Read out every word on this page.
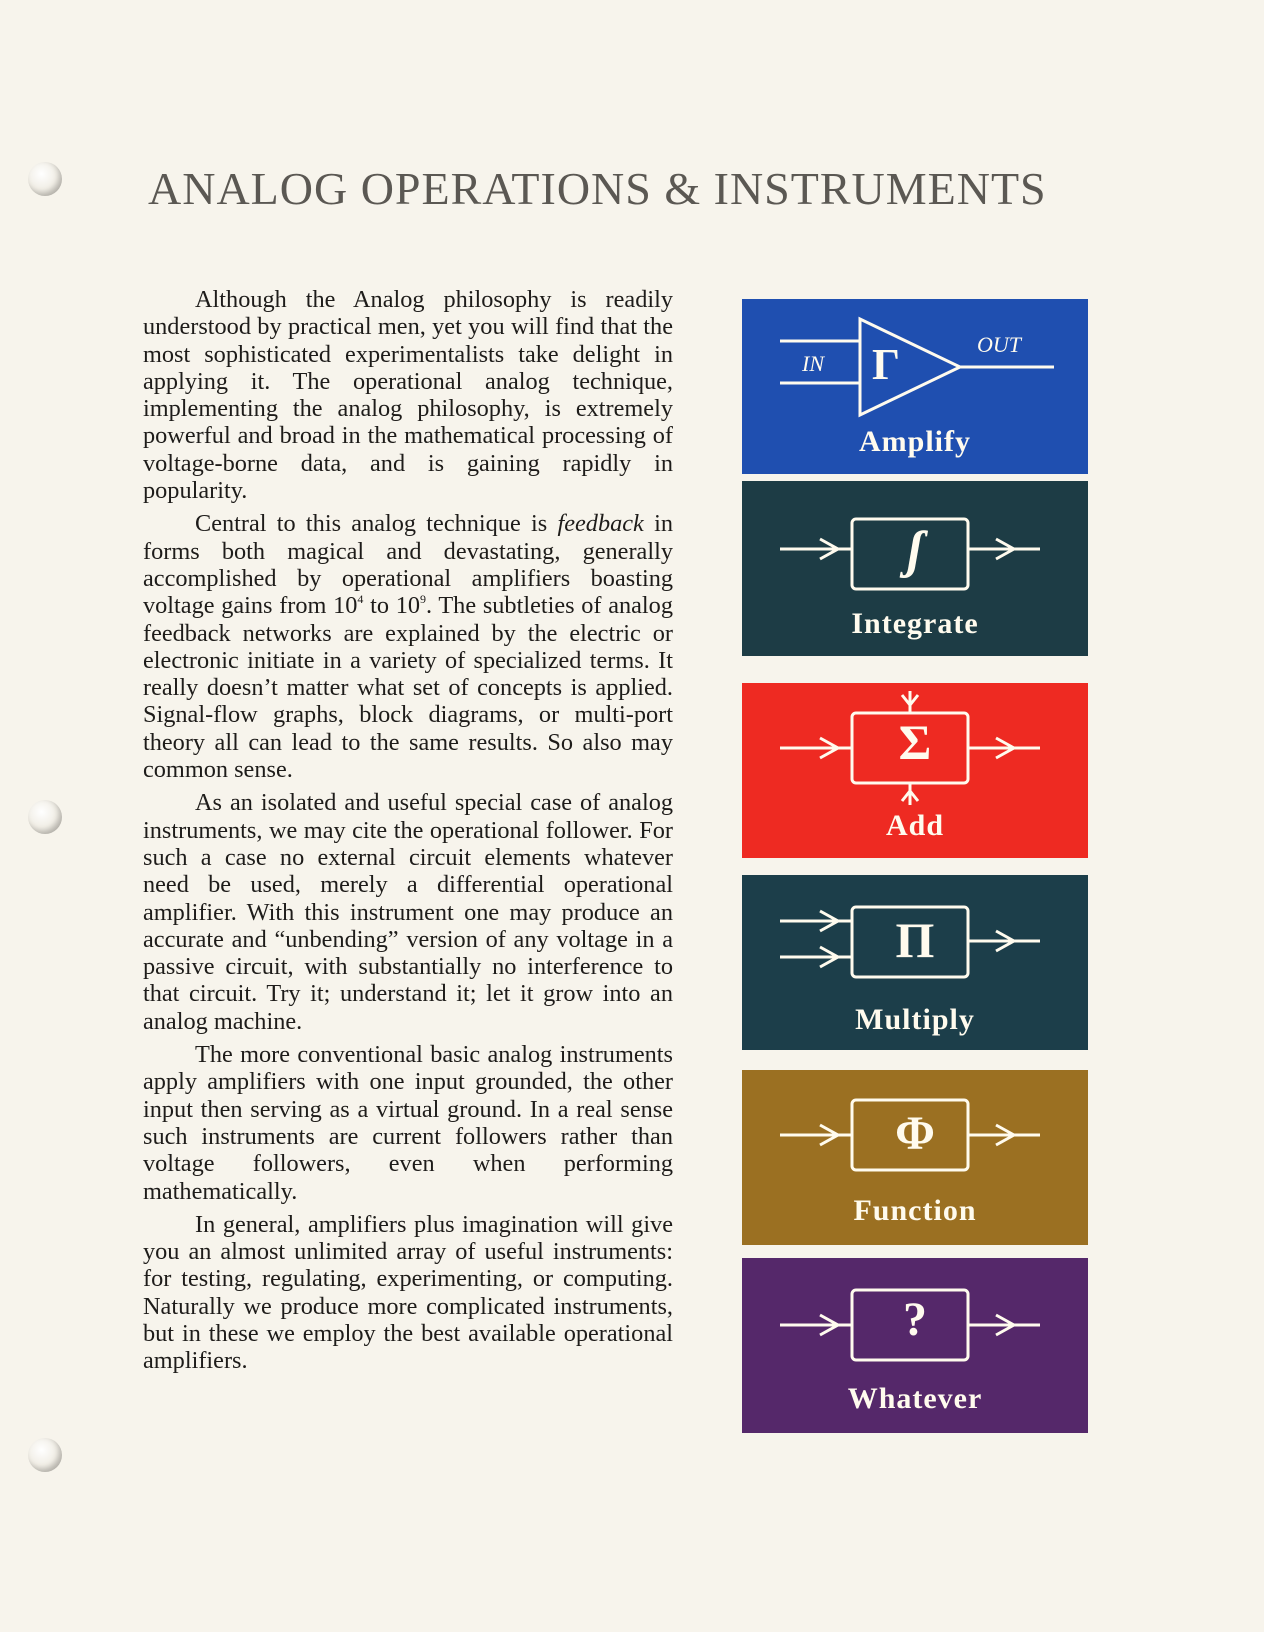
ANALOG OPERATIONS & INSTRUMENTS

Although the Analog philosophy is readily understood by practical men, yet you will find that the most sophisticated experimentalists take delight in applying it. The operational analog technique, implementing the analog philosophy, is extremely powerful and broad in the mathematical processing of voltage-borne data, and is gaining rapidly in popularity.

Central to this analog technique is feedback in forms both magical and devastating, generally accomplished by operational amplifiers boasting voltage gains from $10^4$ to $10^9$. The subtleties of analog feedback networks are explained by the electric or electronic initiate in a variety of specialized terms. It really doesn’t matter what set of concepts is applied. Signal-flow graphs, block diagrams, or multi-port theory all can lead to the same results. So also may common sense.

As an isolated and useful special case of analog instruments, we may cite the operational follower. For such a case no external circuit elements whatever need be used, merely a differential operational amplifier. With this instrument one may produce an accurate and “unbending” version of any voltage in a passive circuit, with substantially no interference to that circuit. Try it; understand it; let it grow into an analog machine.

The more conventional basic analog instruments apply amplifiers with one input grounded, the other input then serving as a virtual ground. In a real sense such instruments are current followers rather than voltage followers, even when performing mathematically.

In general, amplifiers plus imagination will give you an almost unlimited array of useful instruments: for testing, regulating, experimenting, or computing. Naturally we produce more complicated instruments, but in these we employ the best available operational amplifiers.

IN
OUT
Γ
Amplify
ʃ
Integrate
Σ
Add
Π
Multiply
Φ
Function
?
Whatever
